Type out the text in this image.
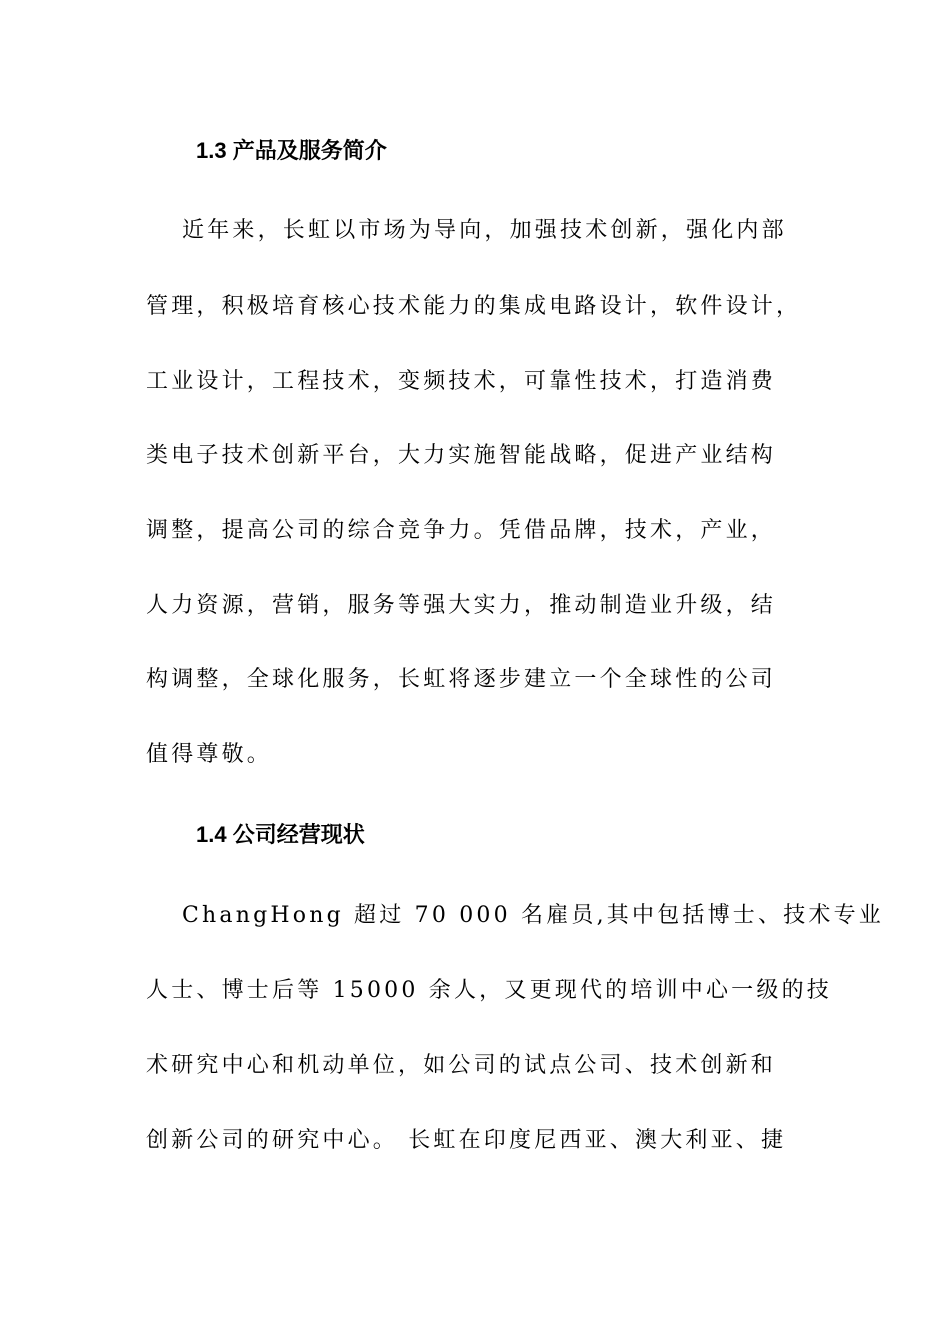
1.3 产品及服务简介

近年来，长虹以市场为导向，加强技术创新，强化内部

管理，积极培育核心技术能力的集成电路设计，软件设计，

工业设计，工程技术，变频技术，可靠性技术，打造消费

类电子技术创新平台，大力实施智能战略，促进产业结构

调整，提高公司的综合竞争力。凭借品牌，技术，产业，

人力资源，营销，服务等强大实力，推动制造业升级，结

构调整，全球化服务，长虹将逐步建立一个全球性的公司

值得尊敬。

1.4 公司经营现状

ChangHong 超过 70 000 名雇员,其中包括博士、技术专业

人士、博士后等 15000 余人，又更现代的培训中心一级的技

术研究中心和机动单位，如公司的试点公司、技术创新和

创新公司的研究中心。 长虹在印度尼西亚、澳大利亚、捷
